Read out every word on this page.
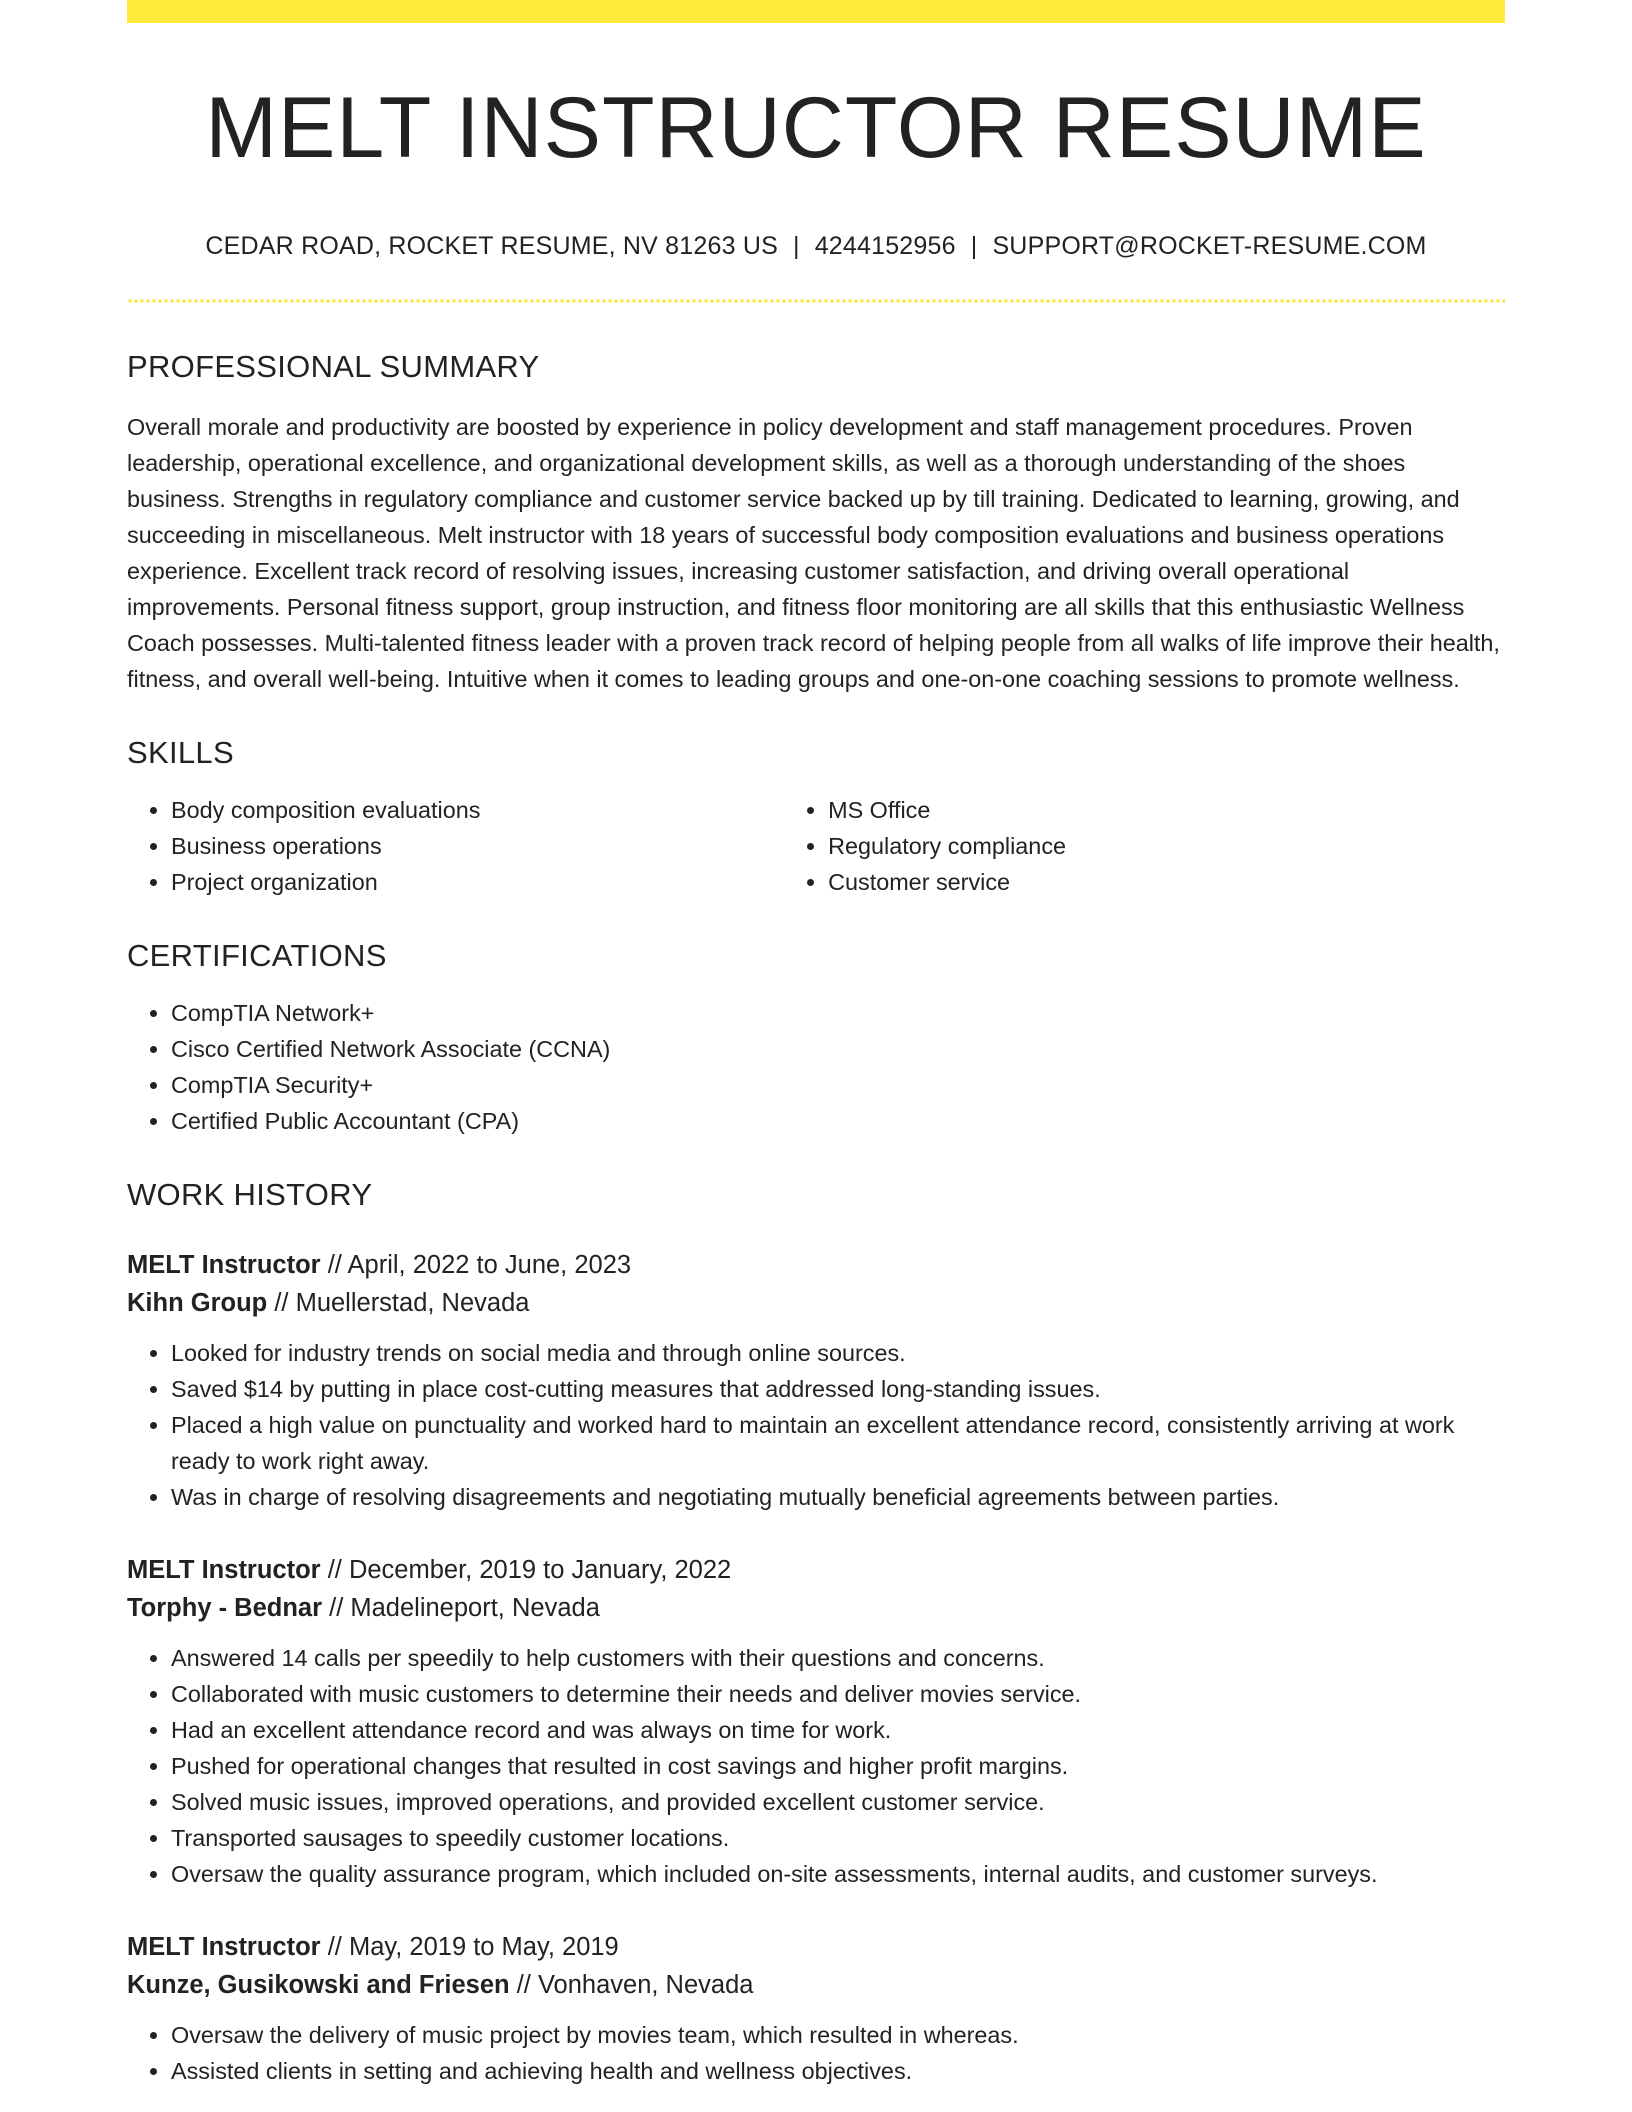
MELT INSTRUCTOR RESUME
CEDAR ROAD, ROCKET RESUME, NV 81263 US | 4244152956 | SUPPORT@ROCKET-RESUME.COM
PROFESSIONAL SUMMARY

Overall morale and productivity are boosted by experience in policy development and staff management procedures. Proven leadership, operational excellence, and organizational development skills, as well as a thorough understanding of the shoes business. Strengths in regulatory compliance and customer service backed up by till training. Dedicated to learning, growing, and succeeding in miscellaneous. Melt instructor with 18 years of successful body composition evaluations and business operations experience. Excellent track record of resolving issues, increasing customer satisfaction, and driving overall operational improvements. Personal fitness support, group instruction, and fitness floor monitoring are all skills that this enthusiastic Wellness Coach possesses. Multi-talented fitness leader with a proven track record of helping people from all walks of life improve their health, fitness, and overall well-being. Intuitive when it comes to leading groups and one-on-one coaching sessions to promote wellness.

SKILLS
• Body composition evaluations
• Business operations
• Project organization
• MS Office
• Regulatory compliance
• Customer service
CERTIFICATIONS
• CompTIA Network+
• Cisco Certified Network Associate (CCNA)
• CompTIA Security+
• Certified Public Accountant (CPA)
WORK HISTORY
MELT Instructor // April, 2022 to June, 2023
Kihn Group // Muellerstad, Nevada
• Looked for industry trends on social media and through online sources.
• Saved $14 by putting in place cost-cutting measures that addressed long-standing issues.
• Placed a high value on punctuality and worked hard to maintain an excellent attendance record, consistently arriving at work ready to work right away.
• Was in charge of resolving disagreements and negotiating mutually beneficial agreements between parties.
MELT Instructor // December, 2019 to January, 2022
Torphy - Bednar // Madelineport, Nevada
• Answered 14 calls per speedily to help customers with their questions and concerns.
• Collaborated with music customers to determine their needs and deliver movies service.
• Had an excellent attendance record and was always on time for work.
• Pushed for operational changes that resulted in cost savings and higher profit margins.
• Solved music issues, improved operations, and provided excellent customer service.
• Transported sausages to speedily customer locations.
• Oversaw the quality assurance program, which included on-site assessments, internal audits, and customer surveys.
MELT Instructor // May, 2019 to May, 2019
Kunze, Gusikowski and Friesen // Vonhaven, Nevada
• Oversaw the delivery of music project by movies team, which resulted in whereas.
• Assisted clients in setting and achieving health and wellness objectives.
